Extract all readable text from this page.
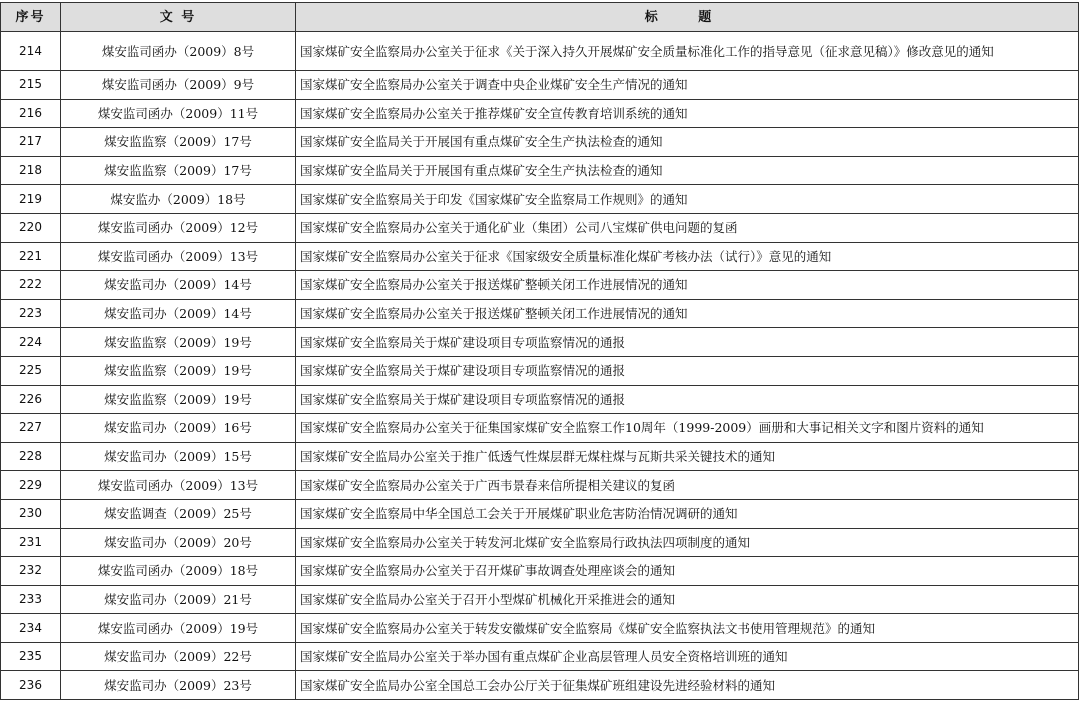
序号	文 号	标 题
214	煤安监司函办（2009）8号	国家煤矿安全监察局办公室关于征求《关于深入持久开展煤矿安全质量标准化工作的指导意见（征求意见稿）》修改意见的通知
215	煤安监司函办（2009）9号	国家煤矿安全监察局办公室关于调查中央企业煤矿安全生产情况的通知
216	煤安监司函办（2009）11号	国家煤矿安全监察局办公室关于推荐煤矿安全宣传教育培训系统的通知
217	煤安监监察（2009）17号	国家煤矿安全监局关于开展国有重点煤矿安全生产执法检查的通知
218	煤安监监察（2009）17号	国家煤矿安全监局关于开展国有重点煤矿安全生产执法检查的通知
219	煤安监办（2009）18号	国家煤矿安全监察局关于印发《国家煤矿安全监察局工作规则》的通知
220	煤安监司函办（2009）12号	国家煤矿安全监察局办公室关于通化矿业（集团）公司八宝煤矿供电问题的复函
221	煤安监司函办（2009）13号	国家煤矿安全监察局办公室关于征求《国家级安全质量标准化煤矿考核办法（试行）》意见的通知
222	煤安监司办（2009）14号	国家煤矿安全监察局办公室关于报送煤矿整顿关闭工作进展情况的通知
223	煤安监司办（2009）14号	国家煤矿安全监察局办公室关于报送煤矿整顿关闭工作进展情况的通知
224	煤安监监察（2009）19号	国家煤矿安全监察局关于煤矿建设项目专项监察情况的通报
225	煤安监监察（2009）19号	国家煤矿安全监察局关于煤矿建设项目专项监察情况的通报
226	煤安监监察（2009）19号	国家煤矿安全监察局关于煤矿建设项目专项监察情况的通报
227	煤安监司办（2009）16号	国家煤矿安全监察局办公室关于征集国家煤矿安全监察工作10周年（1999-2009）画册和大事记相关文字和图片资料的通知
228	煤安监司办（2009）15号	国家煤矿安全监局办公室关于推广低透气性煤层群无煤柱煤与瓦斯共采关键技术的通知
229	煤安监司函办（2009）13号	国家煤矿安全监察局办公室关于广西韦景春来信所提相关建议的复函
230	煤安监调查（2009）25号	国家煤矿安全监察局中华全国总工会关于开展煤矿职业危害防治情况调研的通知
231	煤安监司办（2009）20号	国家煤矿安全监察局办公室关于转发河北煤矿安全监察局行政执法四项制度的通知
232	煤安监司函办（2009）18号	国家煤矿安全监察局办公室关于召开煤矿事故调查处理座谈会的通知
233	煤安监司办（2009）21号	国家煤矿安全监局办公室关于召开小型煤矿机械化开采推进会的通知
234	煤安监司函办（2009）19号	国家煤矿安全监察局办公室关于转发安徽煤矿安全监察局《煤矿安全监察执法文书使用管理规范》的通知
235	煤安监司办（2009）22号	国家煤矿安全监局办公室关于举办国有重点煤矿企业高层管理人员安全资格培训班的通知
236	煤安监司办（2009）23号	国家煤矿安全监局办公室全国总工会办公厅关于征集煤矿班组建设先进经验材料的通知
